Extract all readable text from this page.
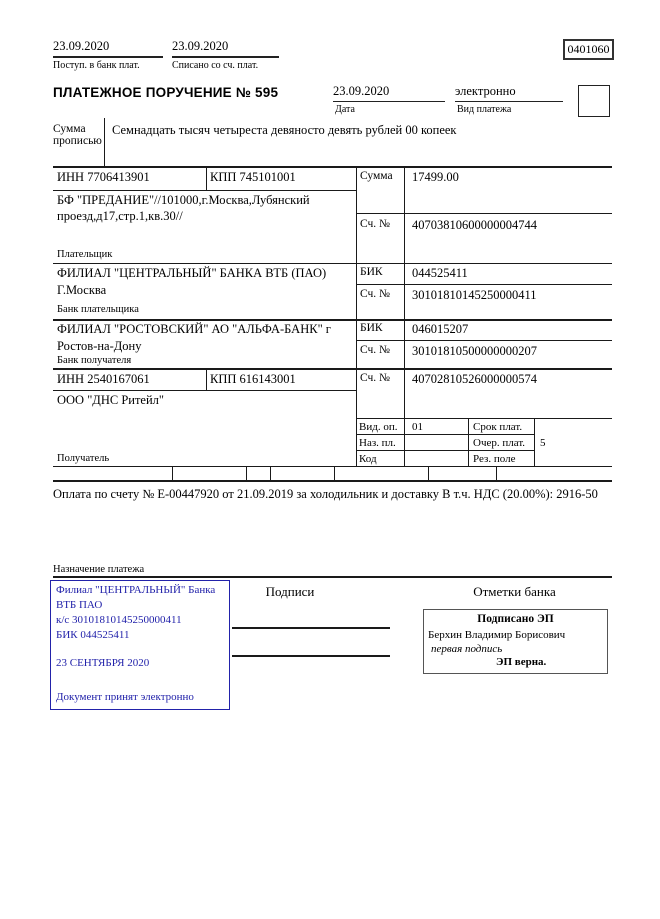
23.09.2020
Поступ. в банк плат.
23.09.2020
Списано со сч. плат.
0401060
ПЛАТЕЖНОЕ ПОРУЧЕНИЕ № 595	23.09.2020
Дата
электронно
Вид платежа
Сумма прописью
Семнадцать тысяч четыреста девяносто девять рублей 00 копеек
ИНН 7706413901	КПП 745101001	Сумма 17499.00
БФ "ПРЕДАНИЕ"//101000,г.Москва,Лубянский проезд,д17,стр.1,кв.30//
Сч. № 40703810600000004744
Плательщик
ФИЛИАЛ "ЦЕНТРАЛЬНЫЙ" БАНКА ВТБ (ПАО)
Г.Москва
БИК 044525411
Сч. № 30101810145250000411
Банк плательщика
ФИЛИАЛ "РОСТОВСКИЙ" АО "АЛЬФА-БАНК" г
Ростов-на-Дону
БИК 046015207
Сч. № 30101810500000000207
Банк получателя
ИНН 2540167061	КПП 616143001	Сч. № 40702810526000000574
ООО "ДНС Ритейл"
Получатель
Вид. оп. 01	Срок плат.
Наз. пл.	Очер. плат. 5
Код	Рез. поле
Оплата по счету № Е-00447920 от 21.09.2019 за холодильник и доставку В т.ч. НДС (20.00%): 2916-50
Назначение платежа
Филиал "ЦЕНТРАЛЬНЫЙ" Банка
ВТБ ПАО
к/с 30101810145250000411
БИК 044525411
23 СЕНТЯБРЯ 2020
Документ принят электронно
Подписи	Отметки банка
Подписано ЭП
Берхин Владимир Борисович
первая подпись
ЭП верна.
